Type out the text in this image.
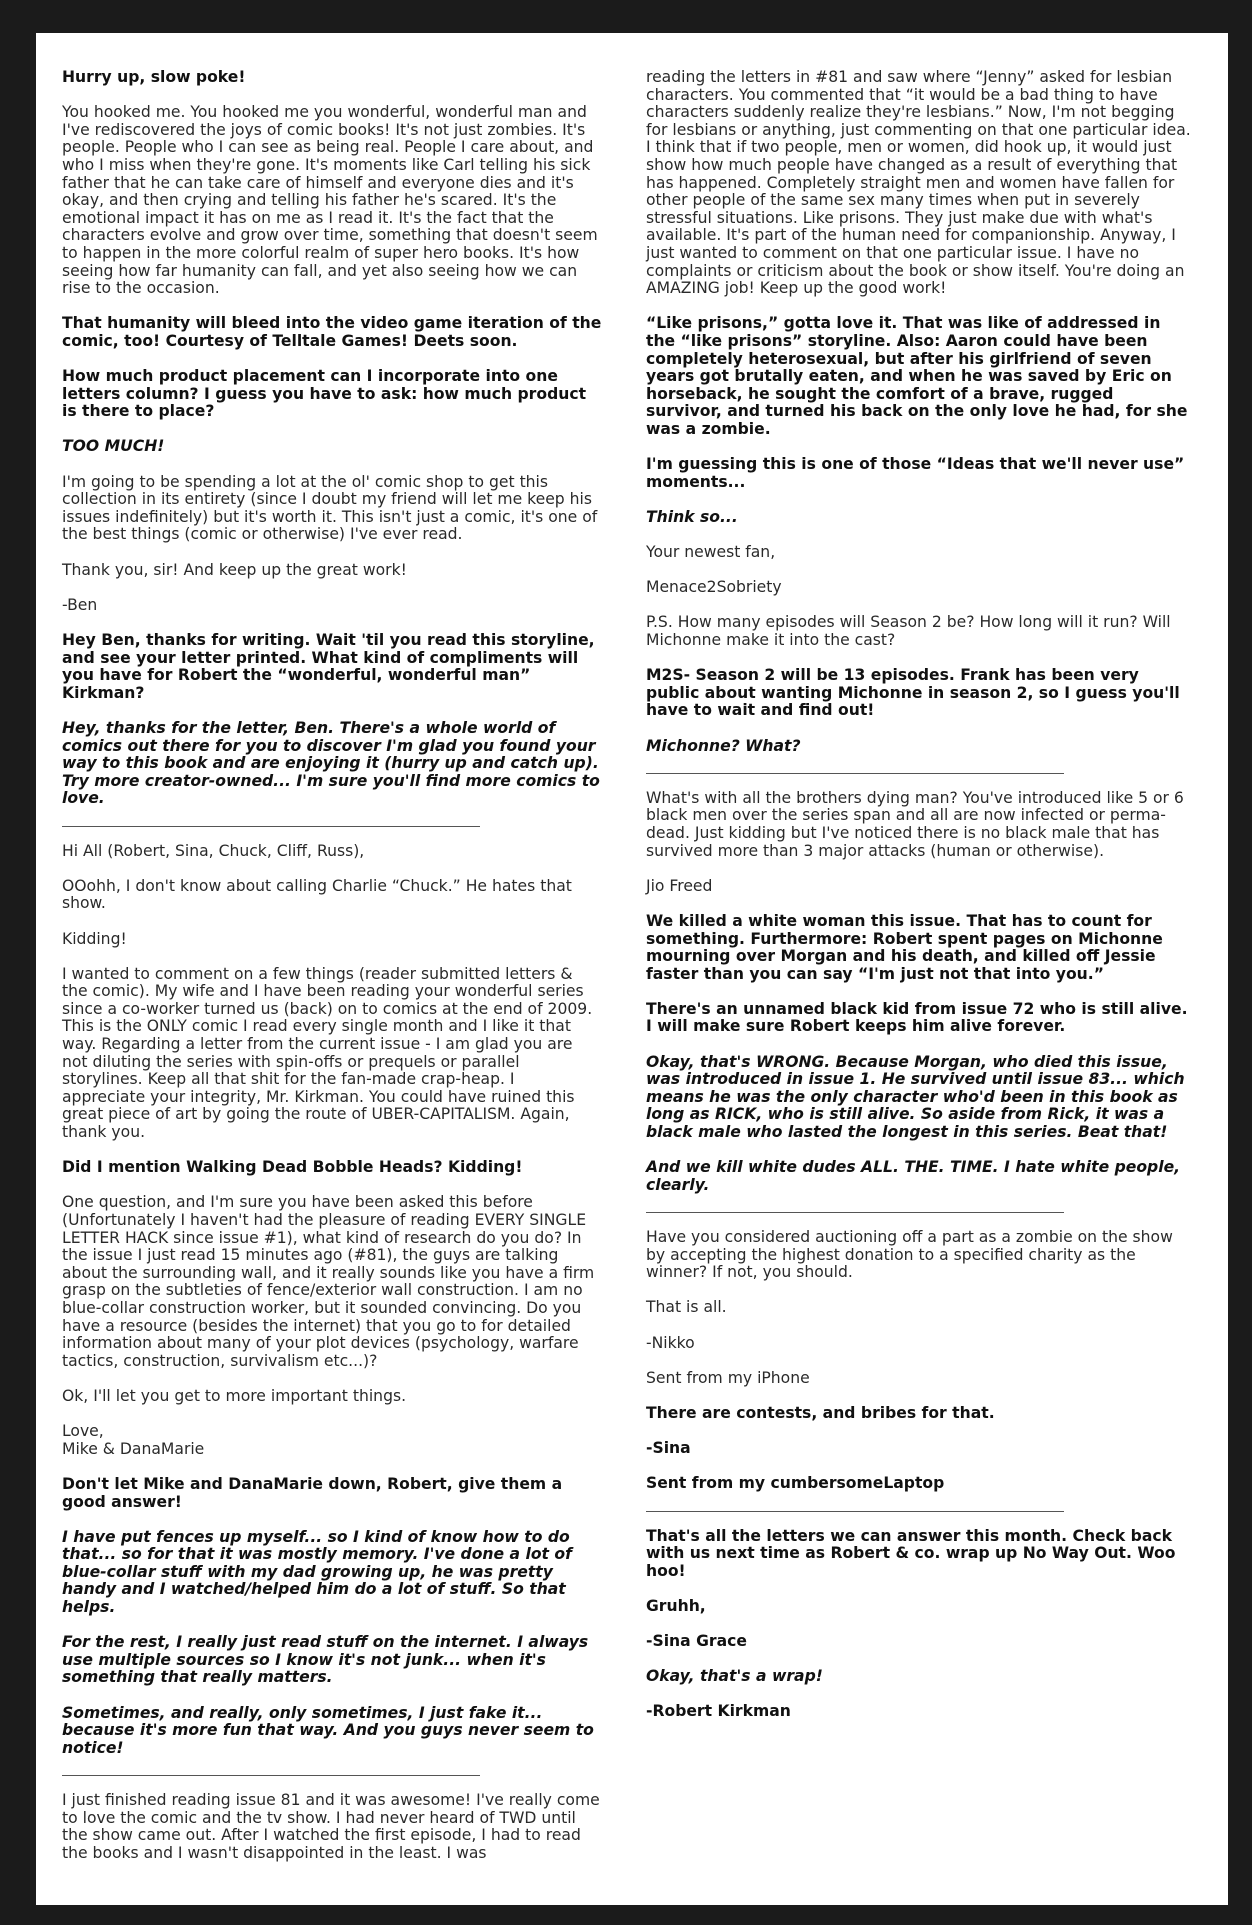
Hurry up, slow poke!

You hooked me. You hooked me you wonderful, wonderful man and I've rediscovered the joys of comic books! It's not just zombies. It's people. People who I can see as being real. People I care about, and who I miss when they're gone. It's moments like Carl telling his sick father that he can take care of himself and everyone dies and it's okay, and then crying and telling his father he's scared. It's the emotional impact it has on me as I read it. It's the fact that the characters evolve and grow over time, something that doesn't seem to happen in the more colorful realm of super hero books. It's how seeing how far humanity can fall, and yet also seeing how we can rise to the occasion.

That humanity will bleed into the video game iteration of the comic, too! Courtesy of Telltale Games! Deets soon.

How much product placement can I incorporate into one letters column? I guess you have to ask: how much product is there to place?

TOO MUCH!

I'm going to be spending a lot at the ol' comic shop to get this collection in its entirety (since I doubt my friend will let me keep his issues indefinitely) but it's worth it. This isn't just a comic, it's one of the best things (comic or otherwise) I've ever read.

Thank you, sir! And keep up the great work!

-Ben

Hey Ben, thanks for writing. Wait 'til you read this storyline, and see your letter printed. What kind of compliments will you have for Robert the “wonderful, wonderful man” Kirkman?

Hey, thanks for the letter, Ben. There's a whole world of comics out there for you to discover I'm glad you found your way to this book and are enjoying it (hurry up and catch up). Try more creator-owned... I'm sure you'll find more comics to love.

Hi All (Robert, Sina, Chuck, Cliff, Russ),

OOohh, I don't know about calling Charlie “Chuck.” He hates that show.

Kidding!

I wanted to comment on a few things (reader submitted letters & the comic). My wife and I have been reading your wonderful series since a co-worker turned us (back) on to comics at the end of 2009. This is the ONLY comic I read every single month and I like it that way. Regarding a letter from the current issue - I am glad you are not diluting the series with spin-offs or prequels or parallel storylines. Keep all that shit for the fan-made crap-heap. I appreciate your integrity, Mr. Kirkman. You could have ruined this great piece of art by going the route of UBER-CAPITALISM. Again, thank you.

Did I mention Walking Dead Bobble Heads? Kidding!

One question, and I'm sure you have been asked this before (Unfortunately I haven't had the pleasure of reading EVERY SINGLE LETTER HACK since issue #1), what kind of research do you do? In the issue I just read 15 minutes ago (#81), the guys are talking about the surrounding wall, and it really sounds like you have a firm grasp on the subtleties of fence/exterior wall construction. I am no blue-collar construction worker, but it sounded convincing. Do you have a resource (besides the internet) that you go to for detailed information about many of your plot devices (psychology, warfare tactics, construction, survivalism etc...)?

Ok, I'll let you get to more important things.

Love,
Mike & DanaMarie

Don't let Mike and DanaMarie down, Robert, give them a good answer!

I have put fences up myself... so I kind of know how to do that... so for that it was mostly memory. I've done a lot of blue-collar stuff with my dad growing up, he was pretty handy and I watched/helped him do a lot of stuff. So that helps.

For the rest, I really just read stuff on the internet. I always use multiple sources so I know it's not junk... when it's something that really matters.

Sometimes, and really, only sometimes, I just fake it... because it's more fun that way. And you guys never seem to notice!

I just finished reading issue 81 and it was awesome! I've really come to love the comic and the tv show. I had never heard of TWD until the show came out. After I watched the first episode, I had to read the books and I wasn't disappointed in the least. I was

reading the letters in #81 and saw where “Jenny” asked for lesbian characters. You commented that “it would be a bad thing to have characters suddenly realize they're lesbians.” Now, I'm not begging for lesbians or anything, just commenting on that one particular idea. I think that if two people, men or women, did hook up, it would just show how much people have changed as a result of everything that has happened. Completely straight men and women have fallen for other people of the same sex many times when put in severely stressful situations. Like prisons. They just make due with what's available. It's part of the human need for companionship. Anyway, I just wanted to comment on that one particular issue. I have no complaints or criticism about the book or show itself. You're doing an AMAZING job! Keep up the good work!

“Like prisons,” gotta love it. That was like of addressed in the “like prisons” storyline. Also: Aaron could have been completely heterosexual, but after his girlfriend of seven years got brutally eaten, and when he was saved by Eric on horseback, he sought the comfort of a brave, rugged survivor, and turned his back on the only love he had, for she was a zombie.

I'm guessing this is one of those “Ideas that we'll never use” moments...

Think so...

Your newest fan,

Menace2Sobriety

P.S. How many episodes will Season 2 be? How long will it run? Will Michonne make it into the cast?

M2S- Season 2 will be 13 episodes. Frank has been very public about wanting Michonne in season 2, so I guess you'll have to wait and find out!

Michonne? What?

What's with all the brothers dying man? You've introduced like 5 or 6 black men over the series span and all are now infected or perma-dead. Just kidding but I've noticed there is no black male that has survived more than 3 major attacks (human or otherwise).

Jio Freed

We killed a white woman this issue. That has to count for something. Furthermore: Robert spent pages on Michonne mourning over Morgan and his death, and killed off Jessie faster than you can say “I'm just not that into you.”

There's an unnamed black kid from issue 72 who is still alive. I will make sure Robert keeps him alive forever.

Okay, that's WRONG. Because Morgan, who died this issue, was introduced in issue 1. He survived until issue 83... which means he was the only character who'd been in this book as long as RICK, who is still alive. So aside from Rick, it was a black male who lasted the longest in this series. Beat that!

And we kill white dudes ALL. THE. TIME. I hate white people, clearly.

Have you considered auctioning off a part as a zombie on the show by accepting the highest donation to a specified charity as the winner? If not, you should.

That is all.

-Nikko

Sent from my iPhone

There are contests, and bribes for that.

-Sina

Sent from my cumbersomeLaptop

That's all the letters we can answer this month. Check back with us next time as Robert & co. wrap up No Way Out. Woo hoo!

Gruhh,

-Sina Grace

Okay, that's a wrap!

-Robert Kirkman
